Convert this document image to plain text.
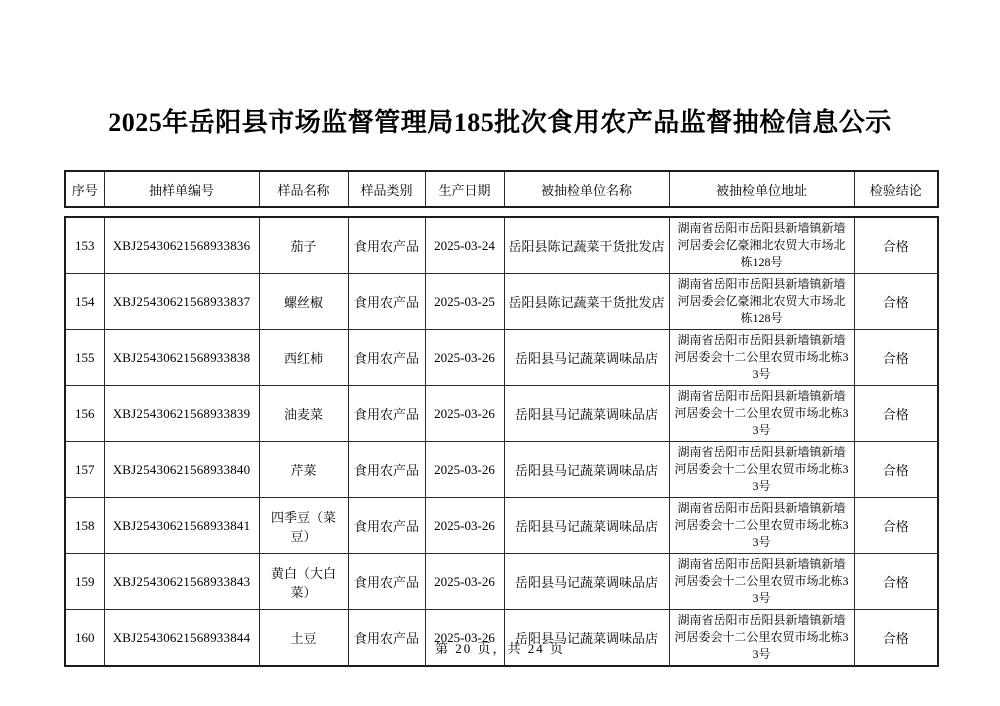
2025年岳阳县市场监督管理局185批次食用农产品监督抽检信息公示
序号	抽样单编号	样品名称	样品类别	生产日期	被抽检单位名称	被抽检单位地址	检验结论
153	XBJ25430621568933836	茄子	食用农产品	2025-03-24	岳阳县陈记蔬菜干货批发店	湖南省岳阳市岳阳县新墙镇新墙河居委会亿豪湘北农贸大市场北栋128号	合格
154	XBJ25430621568933837	螺丝椒	食用农产品	2025-03-25	岳阳县陈记蔬菜干货批发店	湖南省岳阳市岳阳县新墙镇新墙河居委会亿豪湘北农贸大市场北栋128号	合格
155	XBJ25430621568933838	西红柿	食用农产品	2025-03-26	岳阳县马记蔬菜调味品店	湖南省岳阳市岳阳县新墙镇新墙河居委会十二公里农贸市场北栋33号	合格
156	XBJ25430621568933839	油麦菜	食用农产品	2025-03-26	岳阳县马记蔬菜调味品店	湖南省岳阳市岳阳县新墙镇新墙河居委会十二公里农贸市场北栋33号	合格
157	XBJ25430621568933840	芹菜	食用农产品	2025-03-26	岳阳县马记蔬菜调味品店	湖南省岳阳市岳阳县新墙镇新墙河居委会十二公里农贸市场北栋33号	合格
158	XBJ25430621568933841	四季豆（菜豆）	食用农产品	2025-03-26	岳阳县马记蔬菜调味品店	湖南省岳阳市岳阳县新墙镇新墙河居委会十二公里农贸市场北栋33号	合格
159	XBJ25430621568933843	黄白（大白菜）	食用农产品	2025-03-26	岳阳县马记蔬菜调味品店	湖南省岳阳市岳阳县新墙镇新墙河居委会十二公里农贸市场北栋33号	合格
160	XBJ25430621568933844	土豆	食用农产品	2025-03-26	岳阳县马记蔬菜调味品店	湖南省岳阳市岳阳县新墙镇新墙河居委会十二公里农贸市场北栋33号	合格
第 20 页，共 24 页
